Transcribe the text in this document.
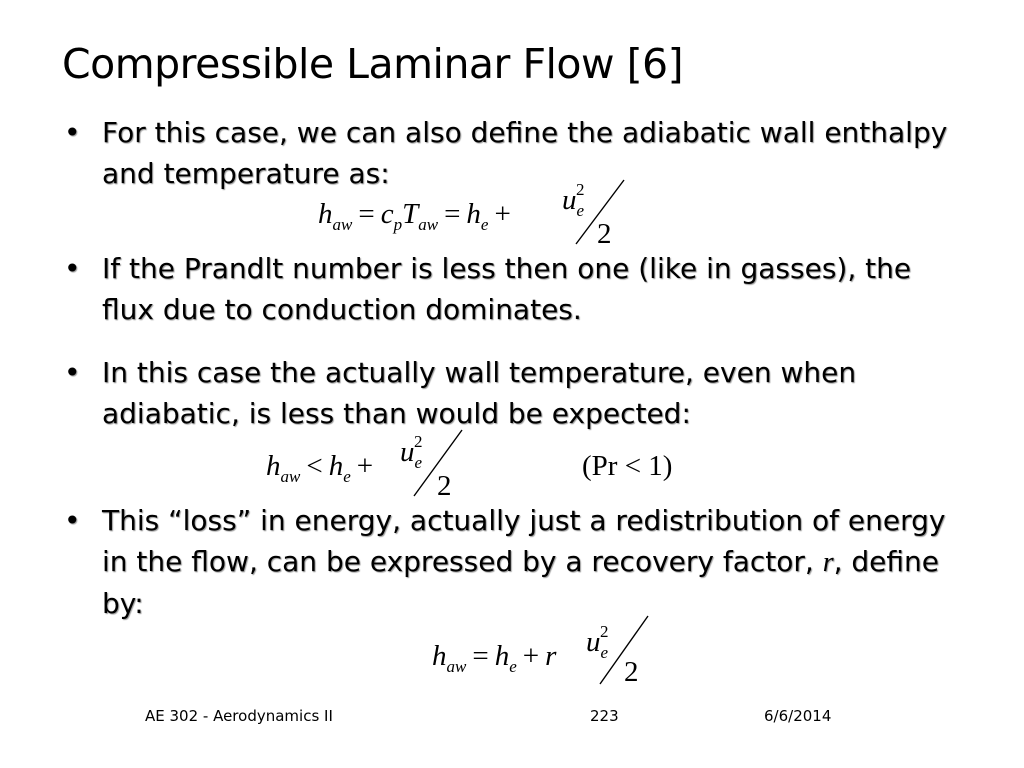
Compressible Laminar Flow [6]
• For this case, we can also define the adiabatic wall enthalpy and temperature as:
$h_{aw} = c_pT_{aw} = h_e + u_e^2$
2
• If the Prandlt number is less then one (like in gasses), the flux due to conduction dominates.
• In this case the actually wall temperature, even when adiabatic, is less than would be expected:
$h_{aw} < h_e + u_e^2$
2
(Pr < 1)
• This “loss” in energy, actually just a redistribution of energy in the flow, can be expressed by a recovery factor, r, define by:
$h_{aw} = h_e + r$ $u_e^2$
2
AE 302 - Aerodynamics II	223	6/6/2014
